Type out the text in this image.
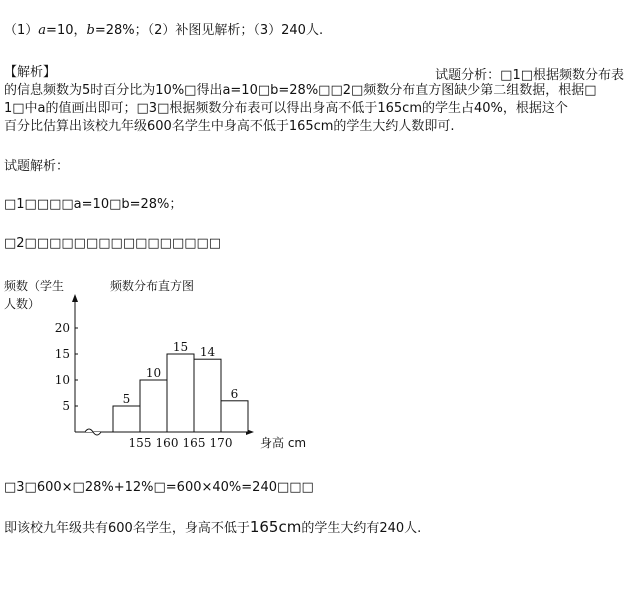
（1）a=10，b=28%；（2）补图见解析；（3）240人.
【解析】	试题分析：□1□根据频数分布表
的信息频数为5时百分比为10%□得出a=10□b=28%□□2□频数分布直方图缺少第二组数据，根据□
1□中a的值画出即可；□3□根据频数分布表可以得出身高不低于165cm的学生占40%，根据这个
百分比估算出该校九年级600名学生中身高不低于165cm的学生大约人数即可.
试题解析：
□1□□□□a=10□b=28%；
□2□□□□□□□□□□□□□□□□
频数（学生
人数）
频数分布直方图
5
10
15
20
5
10
15 14
6
155 160 165 170 身高 cm
□3□600×□28%+12%□=600×40%=240□□□
即该校九年级共有600名学生，身高不低于165cm的学生大约有240人.
